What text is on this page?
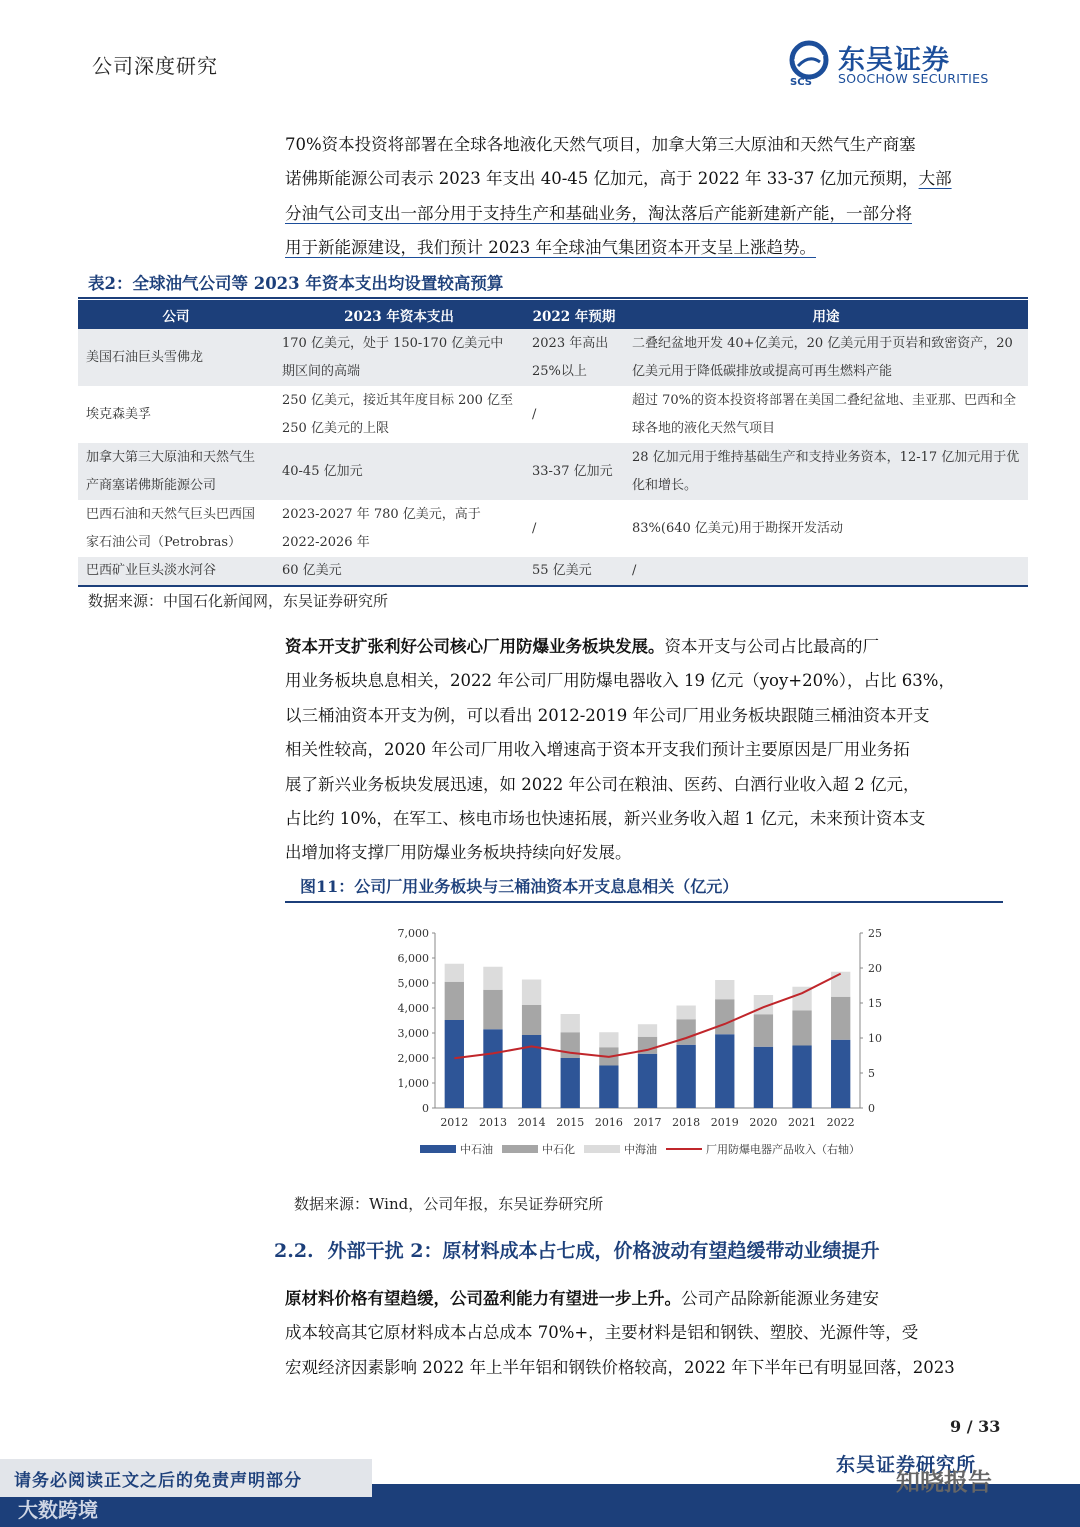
公司深度研究
SCS
东吴证券
SOOCHOW SECURITIES
70%资本投资将部署在全球各地液化天然气项目，加拿大第三大原油和天然气生产商塞
诺佛斯能源公司表示 2023 年支出 40-45 亿加元，高于 2022 年 33-37 亿加元预期，大部
分油气公司支出一部分用于支持生产和基础业务，淘汰落后产能新建新产能，一部分将
用于新能源建设，我们预计 2023 年全球油气集团资本开支呈上涨趋势。
表2：全球油气公司等 2023 年资本支出均设置较高预算
公司	2023 年资本支出	2022 年预期	用途
美国石油巨头雪佛龙	170 亿美元，处于 150-170 亿美元中期区间的高端	2023 年高出 25%以上	二叠纪盆地开发 40+亿美元，20 亿美元用于页岩和致密资产，20 亿美元用于降低碳排放或提高可再生燃料产能
埃克森美孚	250 亿美元，接近其年度目标 200 亿至 250 亿美元的上限	/	超过 70%的资本投资将部署在美国二叠纪盆地、圭亚那、巴西和全球各地的液化天然气项目
加拿大第三大原油和天然气生产商塞诺佛斯能源公司	40-45 亿加元	33-37 亿加元	28 亿加元用于维持基础生产和支持业务资本，12-17 亿加元用于优化和增长。
巴西石油和天然气巨头巴西国家石油公司（Petrobras）	2023-2027 年 780 亿美元，高于 2022-2026 年	/	83%(640 亿美元)用于勘探开发活动
巴西矿业巨头淡水河谷	60 亿美元	55 亿美元	/
数据来源：中国石化新闻网，东吴证券研究所
资本开支扩张利好公司核心厂用防爆业务板块发展。资本开支与公司占比最高的厂
用业务板块息息相关，2022 年公司厂用防爆电器收入 19 亿元（yoy+20%），占比 63%，
以三桶油资本开支为例，可以看出 2012-2019 年公司厂用业务板块跟随三桶油资本开支
相关性较高，2020 年公司厂用收入增速高于资本开支我们预计主要原因是厂用业务拓
展了新兴业务板块发展迅速，如 2022 年公司在粮油、医药、白酒行业收入超 2 亿元，
占比约 10%，在军工、核电市场也快速拓展，新兴业务收入超 1 亿元，未来预计资本支
出增加将支撑厂用防爆业务板块持续向好发展。
图11：公司厂用业务板块与三桶油资本开支息息相关（亿元）
0
1,000
2,000
3,000
4,000
5,000
6,000
7,000
0
5
10
15
20
25
2012 2013 2014 2015 2016 2017 2018 2019 2020 2021 2022
中石油	中石化	中海油	厂用防爆电器产品收入（右轴）
数据来源：Wind，公司年报，东吴证券研究所
2.2. 外部干扰 2：原材料成本占七成，价格波动有望趋缓带动业绩提升
原材料价格有望趋缓，公司盈利能力有望进一步上升。公司产品除新能源业务建安
成本较高其它原材料成本占总成本 70%+，主要材料是铝和钢铁、塑胶、光源件等，受
宏观经济因素影响 2022 年上半年铝和钢铁价格较高，2022 年下半年已有明显回落，2023
9 / 33
东吴证券研究所
请务必阅读正文之后的免责声明部分
大数跨境
知晓报告
